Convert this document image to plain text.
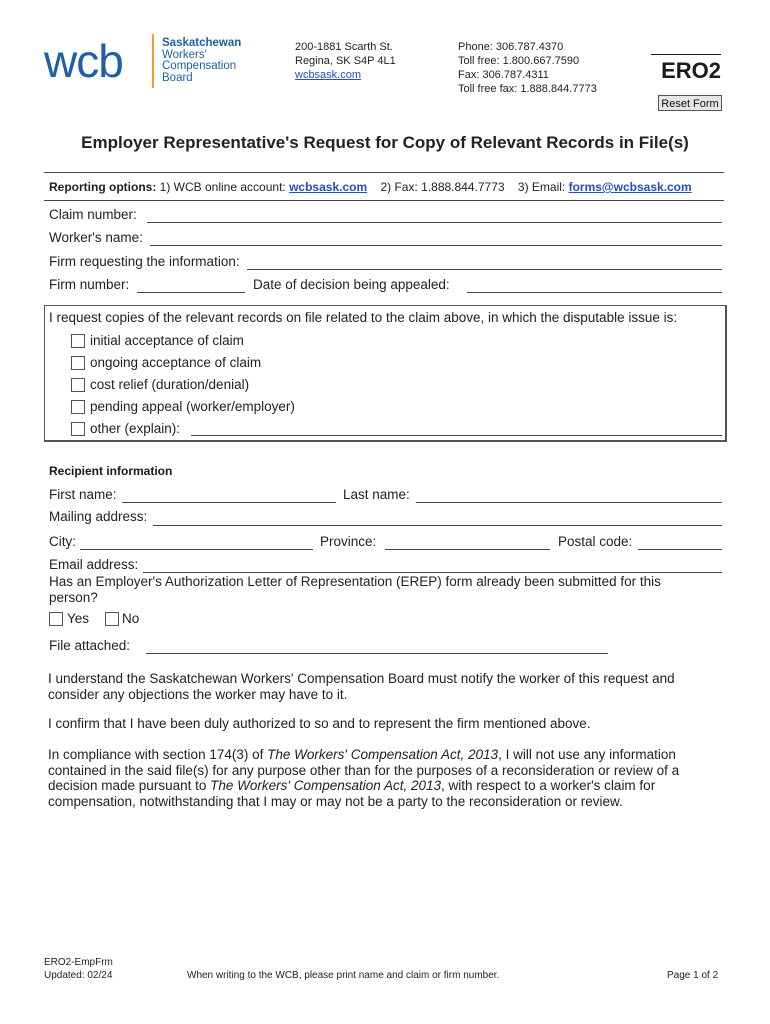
wcb	Saskatchewan
Workers'
Compensation
Board
200-1881 Scarth St.
Regina, SK S4P 4L1
wcbsask.com
Phone: 306.787.4370
Toll free: 1.800.667.7590
Fax: 306.787.4311
Toll free fax: 1.888.844.7773
ERO2
Reset Form
Employer Representative's Request for Copy of Relevant Records in File(s)
Reporting options: 1) WCB online account: wcbsask.com 2) Fax: 1.888.844.7773 3) Email: forms@wcbsask.com
Claim number:
Worker's name:
Firm requesting the information:
Firm number:	Date of decision being appealed:
I request copies of the relevant records on file related to the claim above, in which the disputable issue is:
initial acceptance of claim
ongoing acceptance of claim
cost relief (duration/denial)
pending appeal (worker/employer)
other (explain):
Recipient information
First name:	Last name:
Mailing address:
City:	Province:	Postal code:
Email address:
Has an Employer's Authorization Letter of Representation (EREP) form already been submitted for this
person?
Yes No
File attached:
I understand the Saskatchewan Workers' Compensation Board must notify the worker of this request and
consider any objections the worker may have to it.
I confirm that I have been duly authorized to so and to represent the firm mentioned above.
In compliance with section 174(3) of The Workers' Compensation Act, 2013, I will not use any information
contained in the said file(s) for any purpose other than for the purposes of a reconsideration or review of a
decision made pursuant to The Workers' Compensation Act, 2013, with respect to a worker's claim for
compensation, notwithstanding that I may or may not be a party to the reconsideration or review.
ERO2-EmpFrm
Updated: 02/24	When writing to the WCB, please print name and claim or firm number.	Page 1 of 2
